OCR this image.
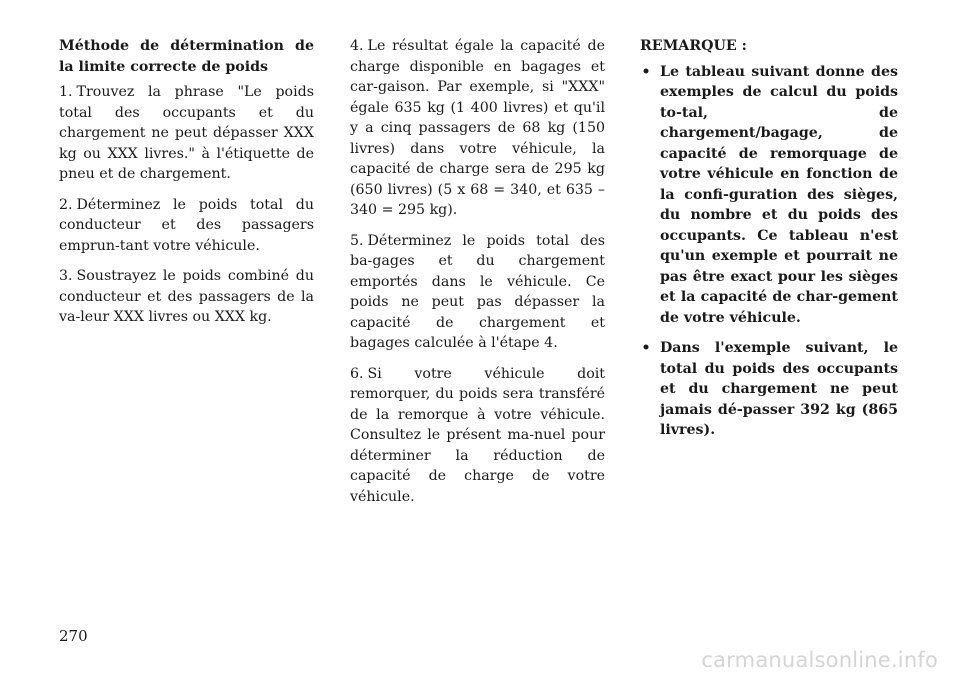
Méthode de détermination de la limite correcte de poids

1. Trouvez la phrase "Le poids total des occupants et du chargement ne peut dépasser XXX kg ou XXX livres." à l'étiquette de pneu et de chargement.

2. Déterminez le poids total du conducteur et des passagers emprun-tant votre véhicule.

3. Soustrayez le poids combiné du conducteur et des passagers de la va-leur XXX livres ou XXX kg.

4. Le résultat égale la capacité de charge disponible en bagages et car-gaison. Par exemple, si "XXX" égale 635 kg (1 400 livres) et qu'il y a cinq passagers de 68 kg (150 livres) dans votre véhicule, la capacité de charge sera de 295 kg (650 livres) (5 x 68 = 340, et 635 – 340 = 295 kg).

5. Déterminez le poids total des ba-gages et du chargement emportés dans le véhicule. Ce poids ne peut pas dépasser la capacité de chargement et bagages calculée à l'étape 4.

6. Si votre véhicule doit remorquer, du poids sera transféré de la remorque à votre véhicule. Consultez le présent ma-nuel pour déterminer la réduction de capacité de charge de votre véhicule.

REMARQUE :

• Le tableau suivant donne des exemples de calcul du poids to-tal, de chargement/bagage, de capacité de remorquage de votre véhicule en fonction de la confi-guration des sièges, du nombre et du poids des occupants. Ce tableau n'est qu'un exemple et pourrait ne pas être exact pour les sièges et la capacité de char-gement de votre véhicule.
• Dans l'exemple suivant, le total du poids des occupants et du chargement ne peut jamais dé-passer 392 kg (865 livres).
270
carmanualsonline.info
